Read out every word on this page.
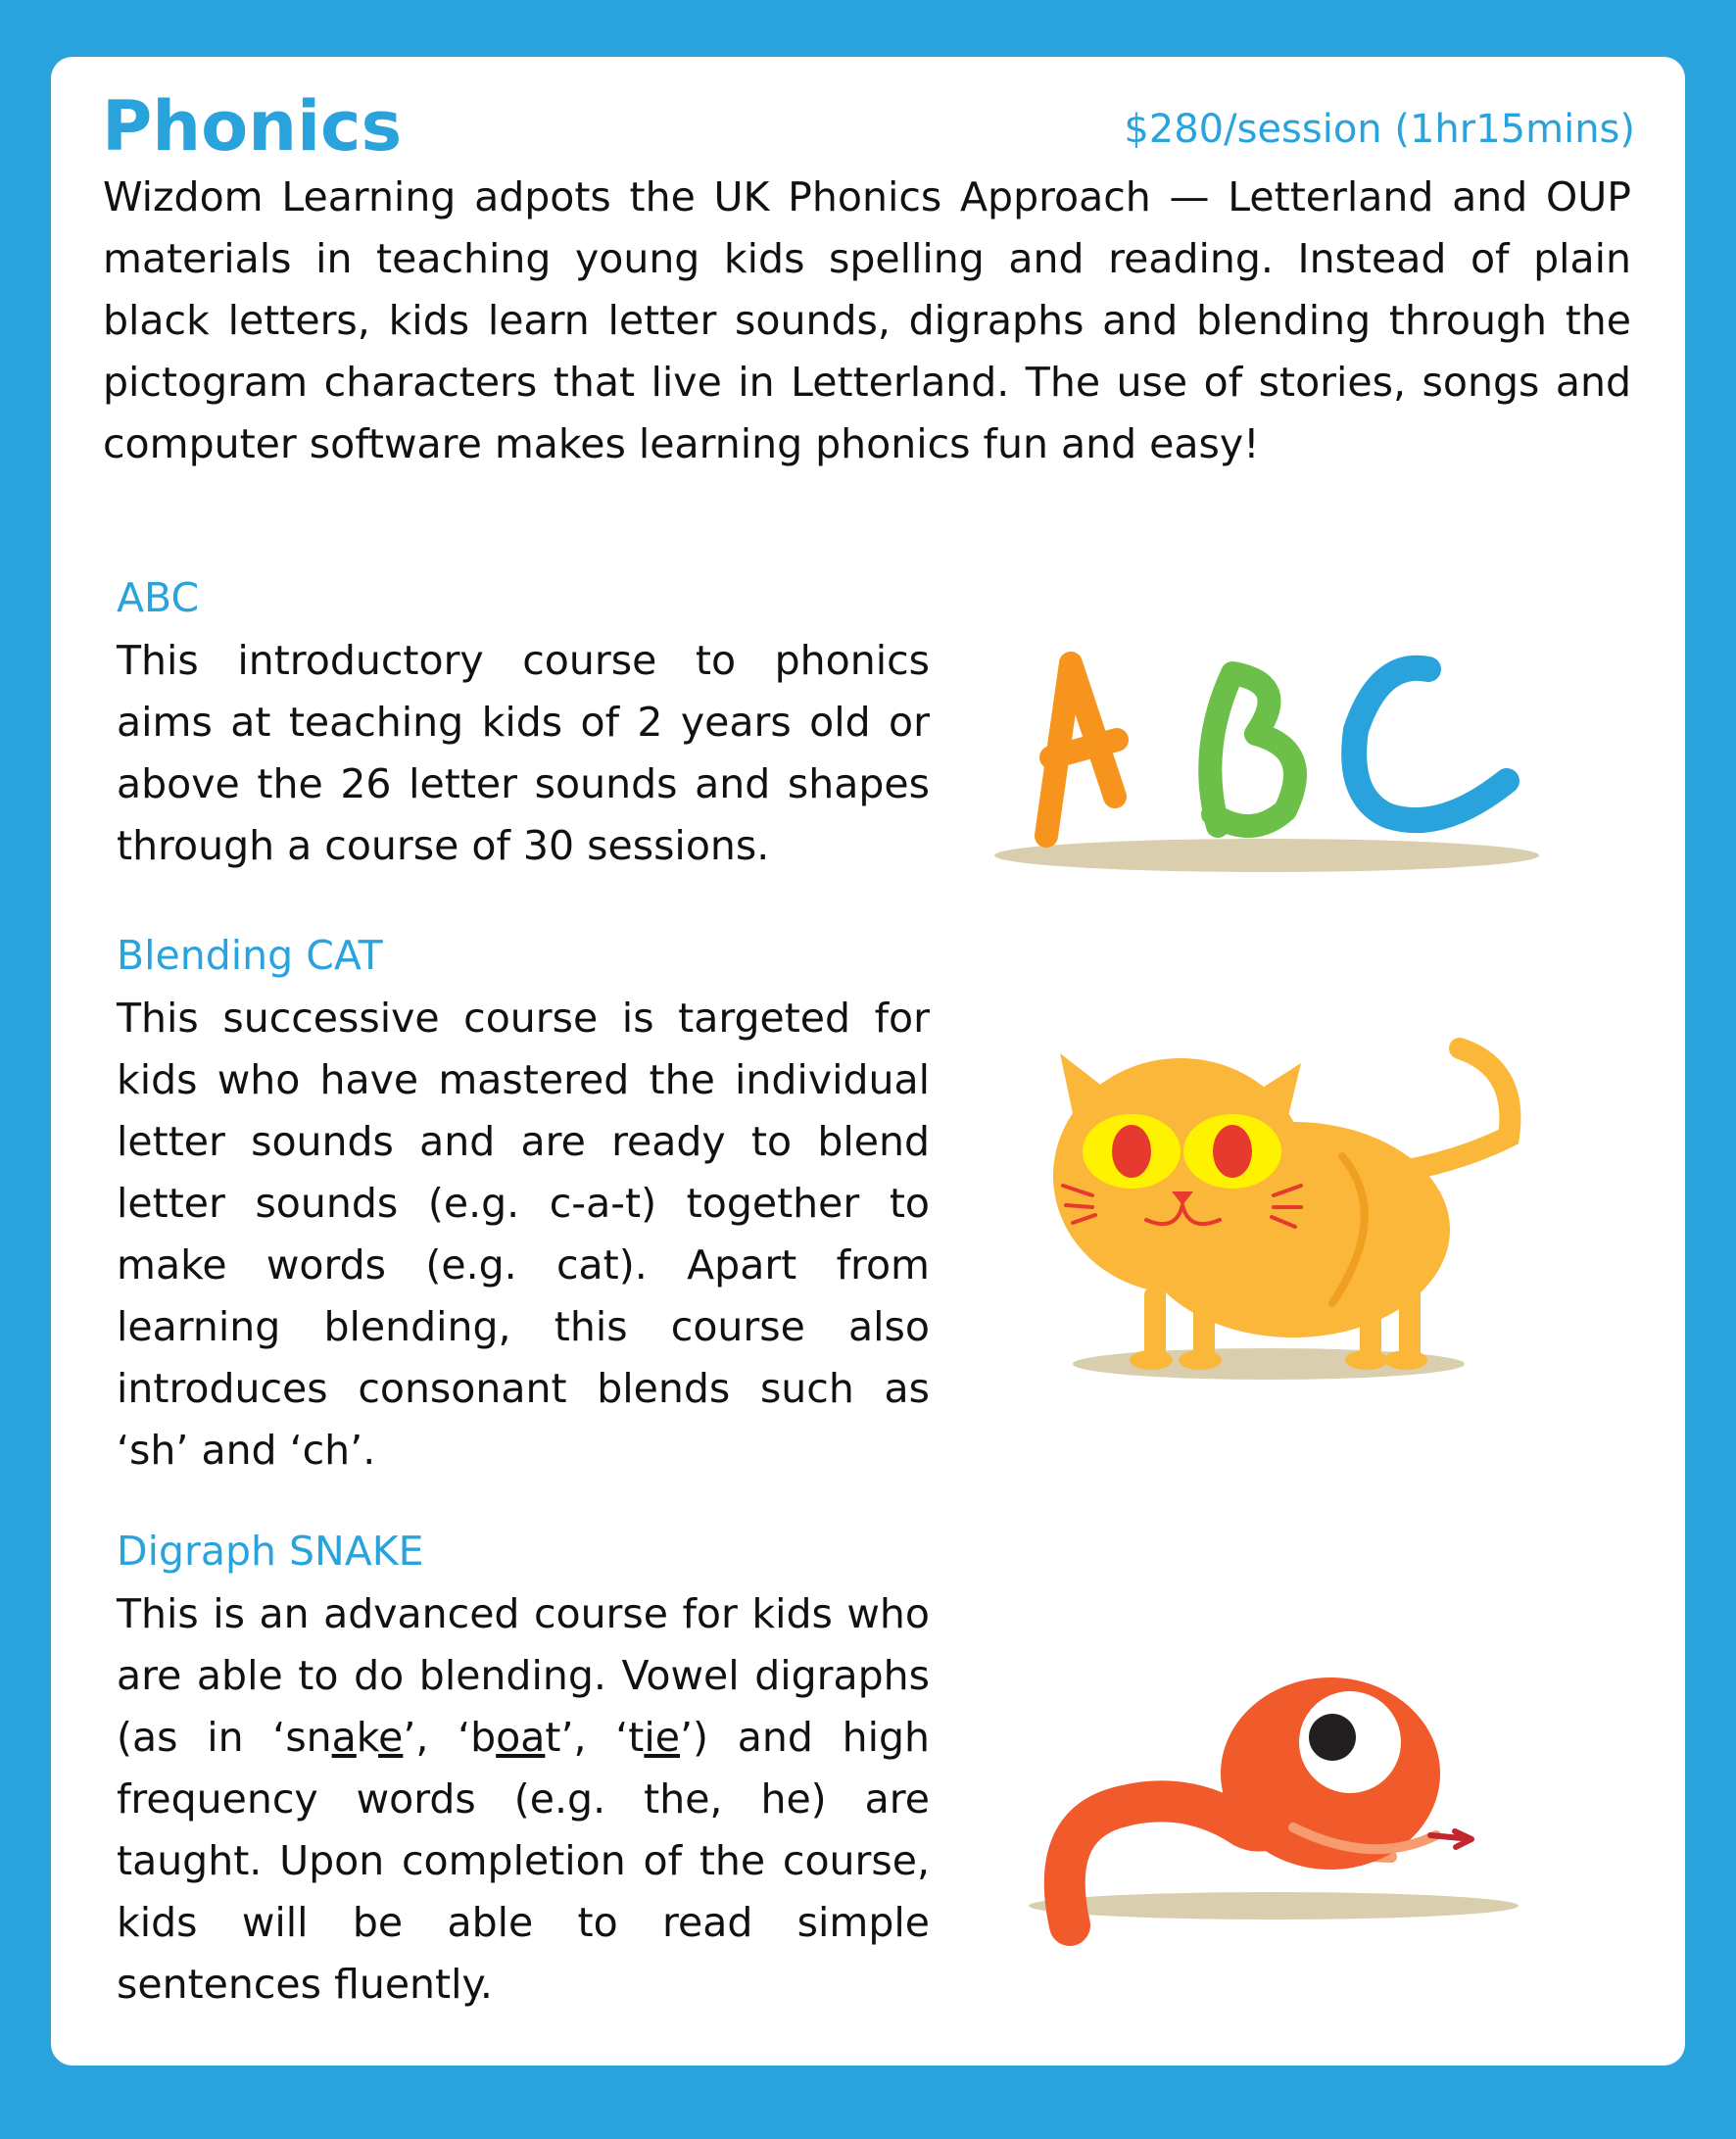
Phonics	$280/session (1hr15mins)

Wizdom Learning adpots the UK Phonics Approach — Letterland and OUP materials in teaching young kids spelling and reading. Instead of plain black letters, kids learn letter sounds, digraphs and blending through the pictogram characters that live in Letterland. The use of stories, songs and computer software makes learning phonics fun and easy!

ABC

This introductory course to phonics aims at teaching kids of 2 years old or above the 26 letter sounds and shapes through a course of 30 sessions.

Blending CAT

This successive course is targeted for kids who have mastered the individual letter sounds and are ready to blend letter sounds (e.g. c-a-t) together to make words (e.g. cat). Apart from learning blending, this course also introduces consonant blends such as ‘sh’ and ‘ch’.

Digraph SNAKE

This is an advanced course for kids who are able to do blending. Vowel digraphs (as in ‘snake’, ‘boat’, ‘tie’) and high frequency words (e.g. the, he) are taught. Upon completion of the course, kids will be able to read simple sentences fluently.
